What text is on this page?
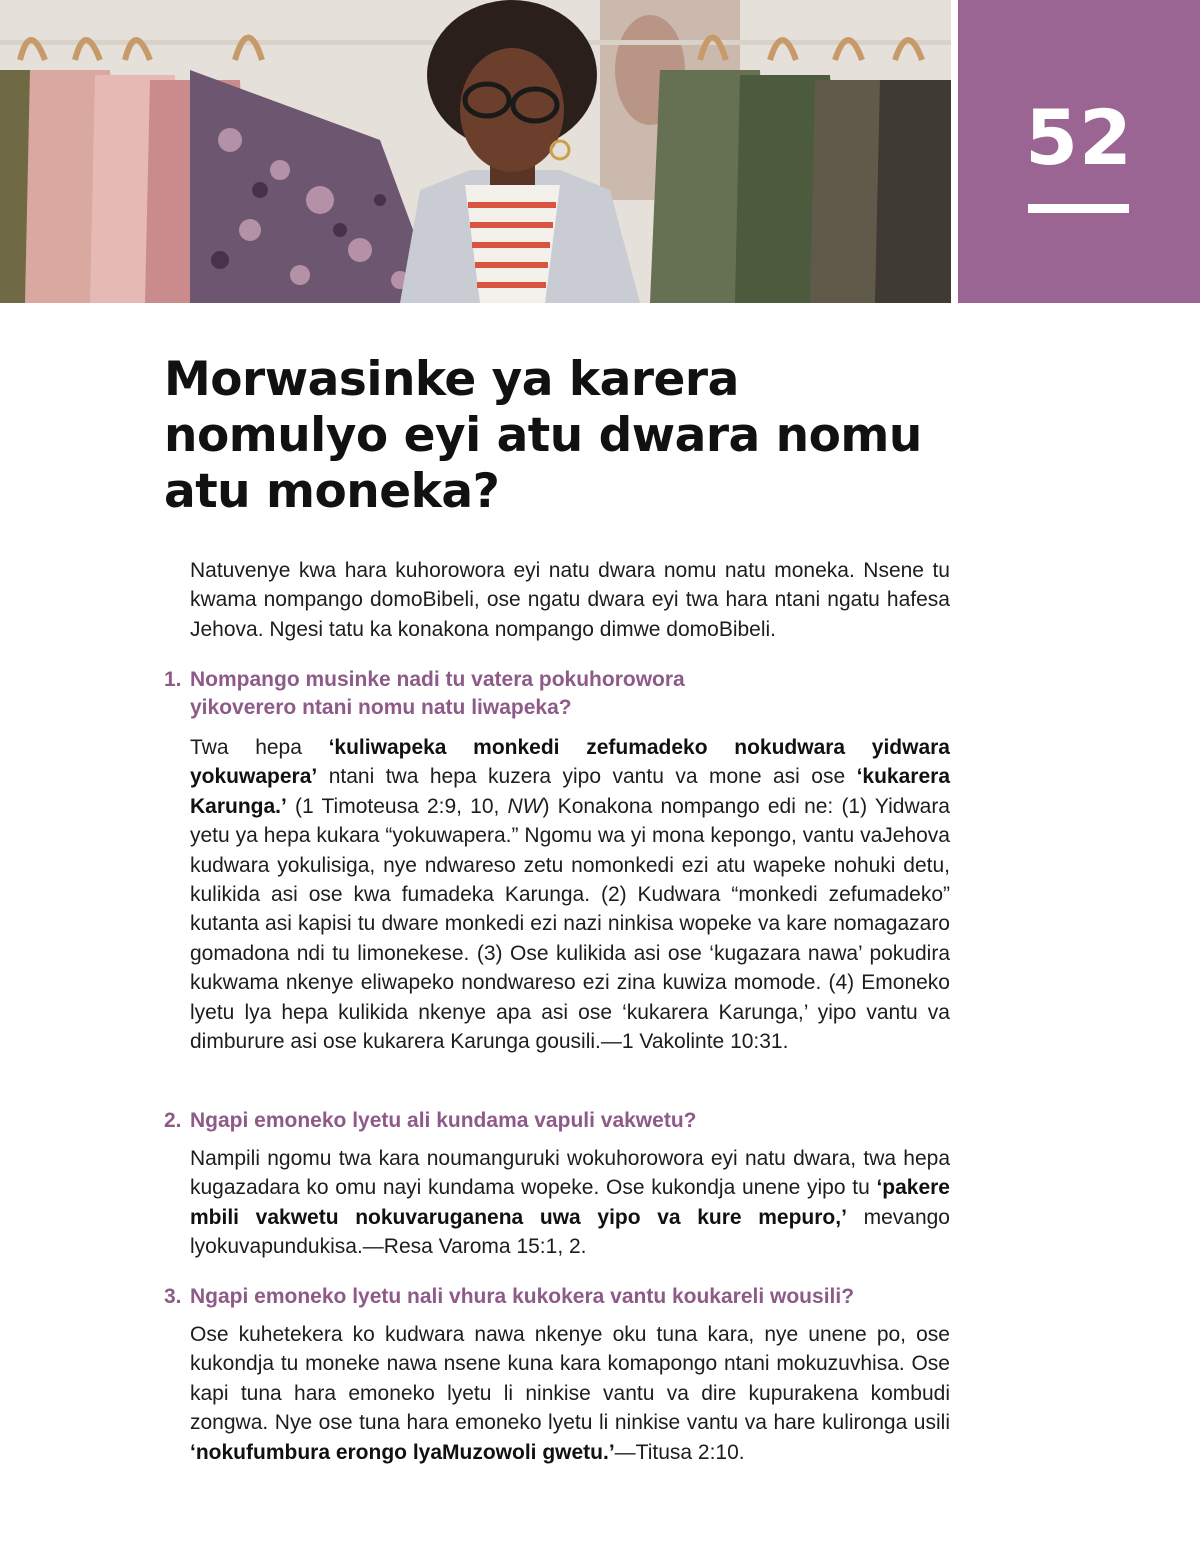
52
Morwasinke ya karera nomulyo eyi atu dwara nomu atu moneka?

Natuvenye kwa hara kuhorowora eyi natu dwara nomu natu moneka. Nsene tu kwama nompango domoBibeli, ose ngatu dwara eyi twa hara ntani ngatu hafesa Jehova. Ngesi tatu ka konakona nompango dimwe domoBibeli.

1. Nompango musinke nadi tu vatera pokuhorowora
yikoverero ntani nomu natu liwapeka?

Twa hepa ‘kuliwapeka monkedi zefumadeko nokudwara yidwara yokuwapera’ ntani twa hepa kuzera yipo vantu va mone asi ose ‘kukarera Karunga.’ (1 Timoteusa 2:9, 10, NW) Konakona nompango edi ne: (1) Yidwara yetu ya hepa kukara “yokuwapera.” Ngomu wa yi mona kepongo, vantu vaJehova kudwara yokulisiga, nye ndwareso zetu nomonkedi ezi atu wapeke nohuki detu, kulikida asi ose kwa fumadeka Karunga. (2) Kudwara “monkedi zefumadeko” kutanta asi kapisi tu dware monkedi ezi nazi ninkisa wopeke va kare nomagazaro gomadona ndi tu limonekese. (3) Ose kulikida asi ose ‘kugazara nawa’ pokudira kukwama nkenye eliwapeko nondwareso ezi zina kuwiza momode. (4) Emoneko lyetu lya hepa kulikida nkenye apa asi ose ‘kukarera Karunga,’ yipo vantu va dimburure asi ose kukarera Karunga gousili.—1 Vakolinte 10:31.

2. Ngapi emoneko lyetu ali kundama vapuli vakwetu?

Nampili ngomu twa kara noumanguruki wokuhorowora eyi natu dwara, twa hepa kugazadara ko omu nayi kundama wopeke. Ose kukondja unene yipo tu ‘pakere mbili vakwetu nokuvaruganena uwa yipo va kure mepuro,’ mevango lyokuvapundukisa.—Resa Varoma 15:1, 2.

3. Ngapi emoneko lyetu nali vhura kukokera vantu koukareli wousili?

Ose kuhetekera ko kudwara nawa nkenye oku tuna kara, nye unene po, ose kukondja tu moneke nawa nsene kuna kara komapongo ntani mokuzuvhisa. Ose kapi tuna hara emoneko lyetu li ninkise vantu va dire kupurakena kombudi zongwa. Nye ose tuna hara emoneko lyetu li ninkise vantu va hare kulironga usili ‘nokufumbura erongo lyaMuzowoli gwetu.’—Titusa 2:10.
